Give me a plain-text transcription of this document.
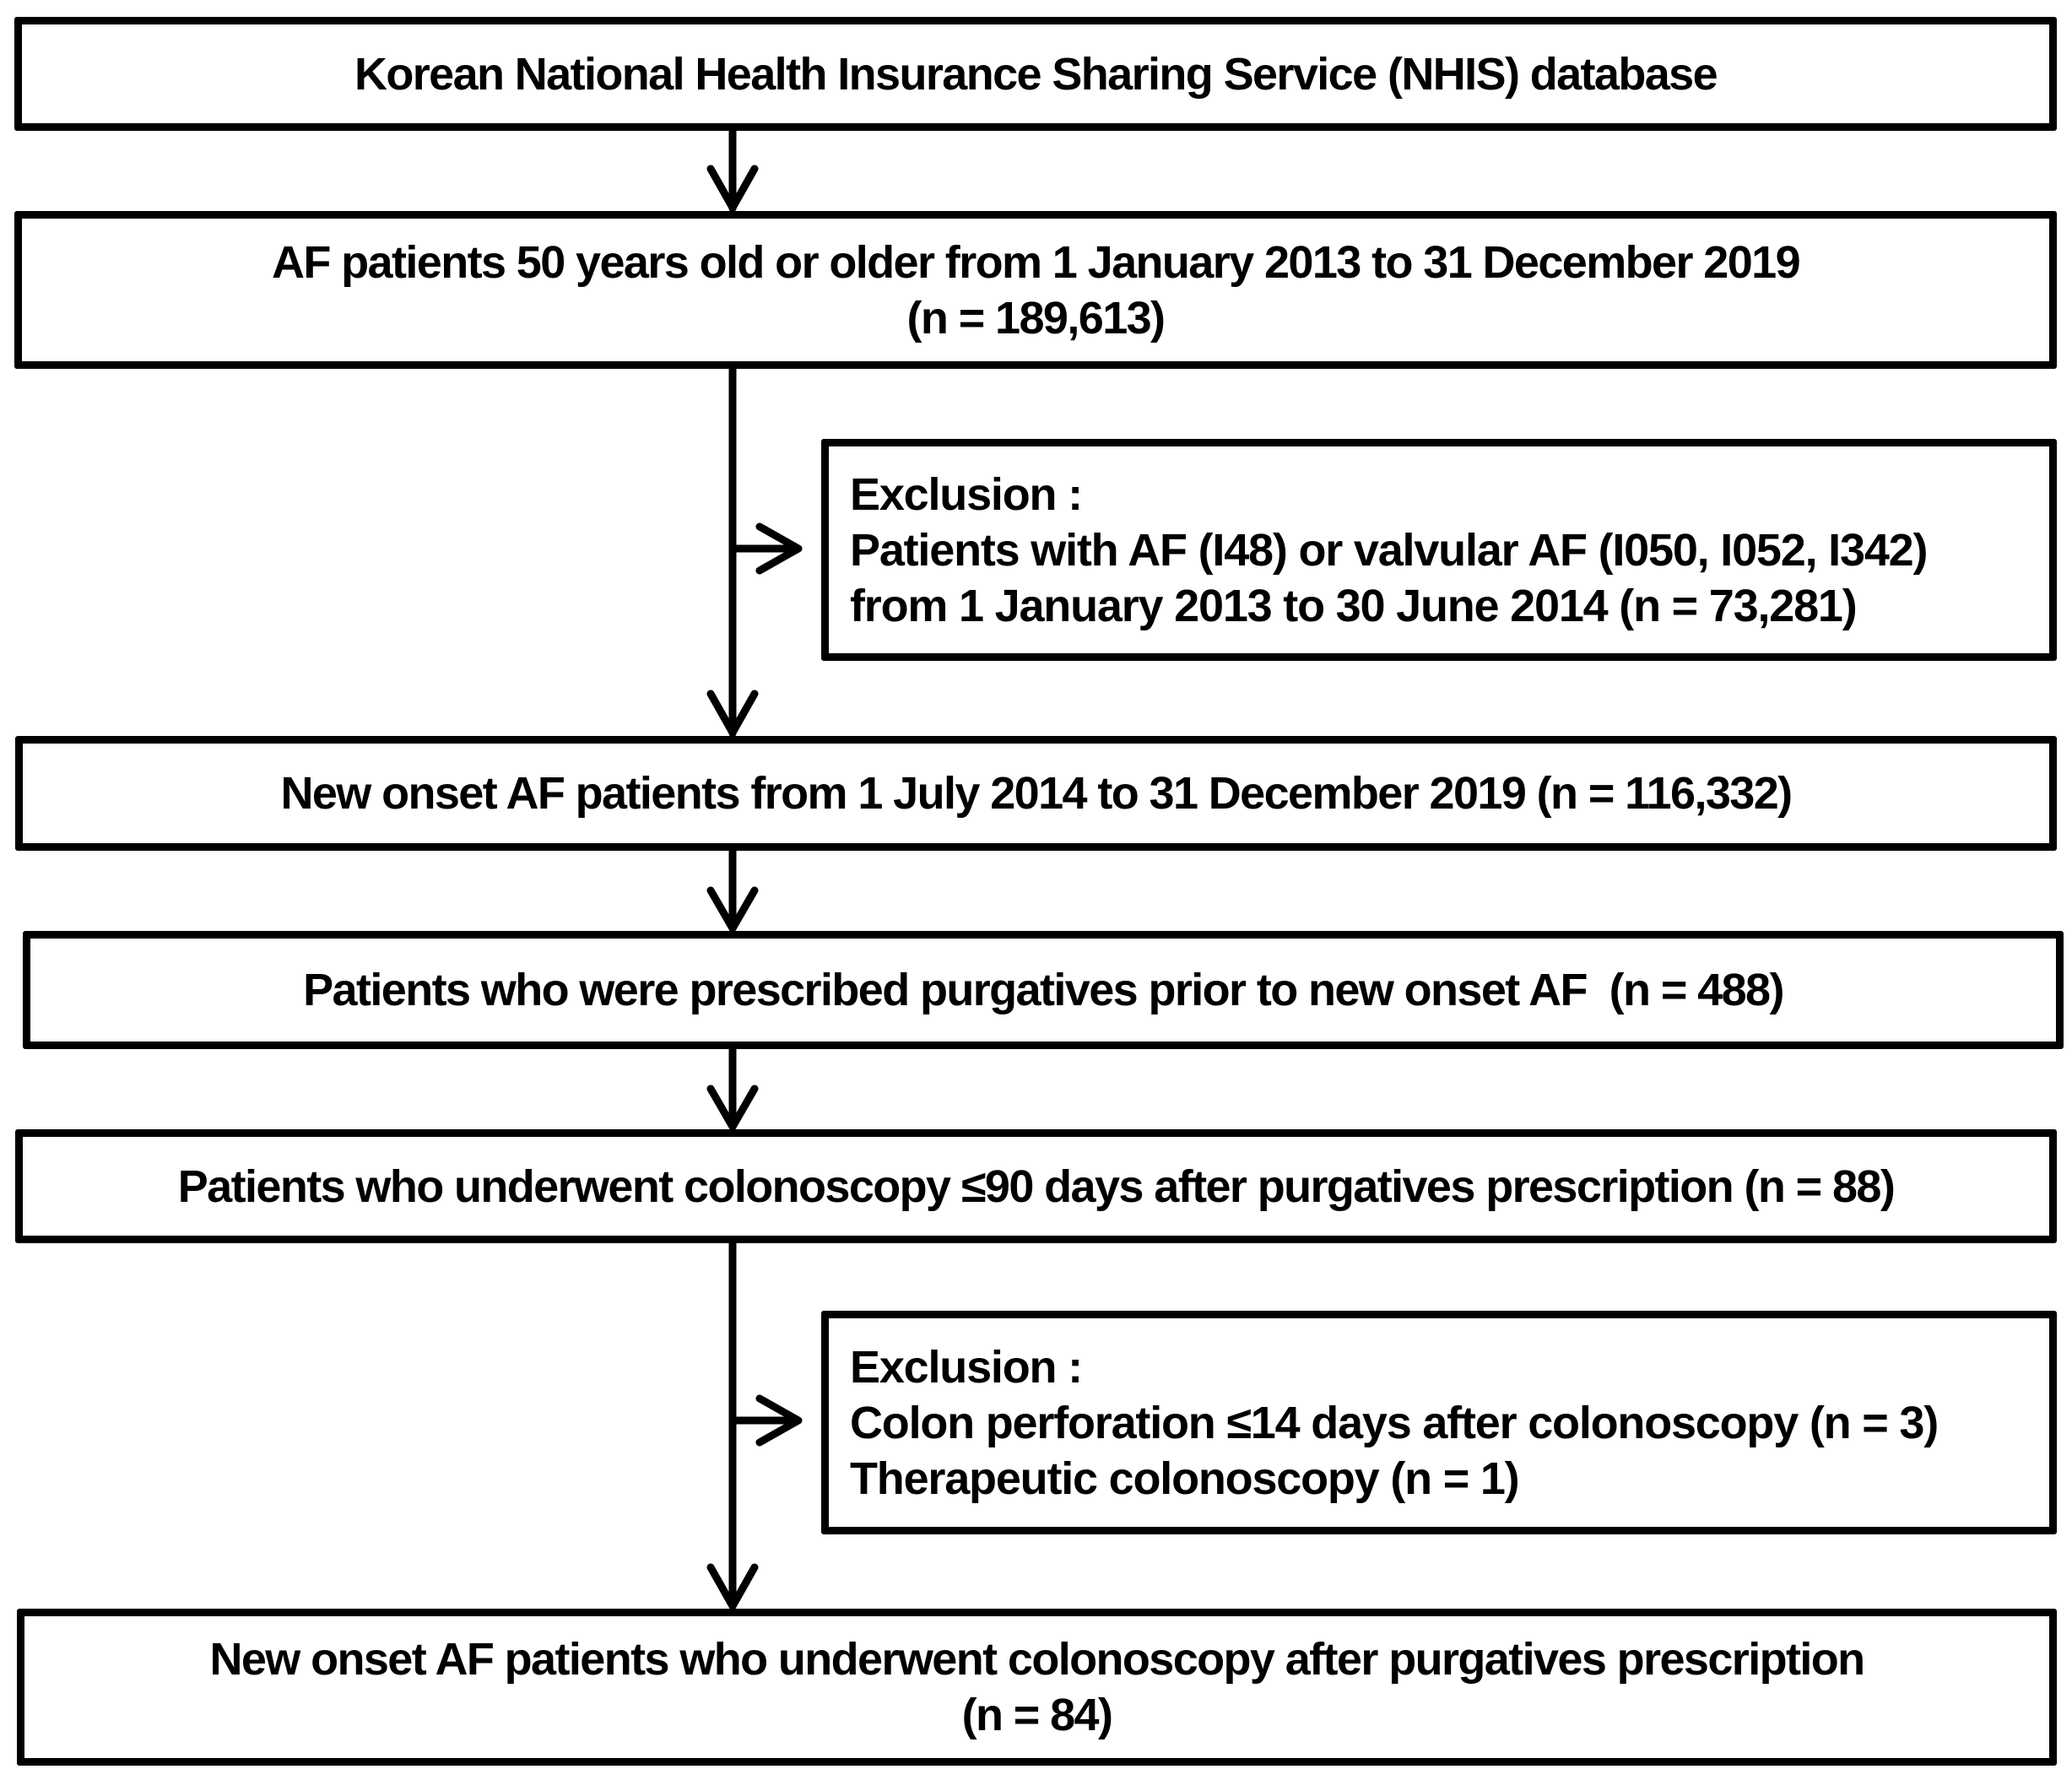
Korean National Health Insurance Sharing Service (NHIS) database
AF patients 50 years old or older from 1 January 2013 to 31 December 2019
(n = 189,613)
Exclusion :
Patients with AF (I48) or valvular AF (I050, I052, I342)
from 1 January 2013 to 30 June 2014 (n = 73,281)
New onset AF patients from 1 July 2014 to 31 December 2019 (n = 116,332)
Patients who were prescribed purgatives prior to new onset AF  (n = 488)
Patients who underwent colonoscopy ≤90 days after purgatives prescription (n = 88)
Exclusion :
Colon perforation ≤14 days after colonoscopy (n = 3)
Therapeutic colonoscopy (n = 1)
New onset AF patients who underwent colonoscopy after purgatives prescription
(n = 84)
